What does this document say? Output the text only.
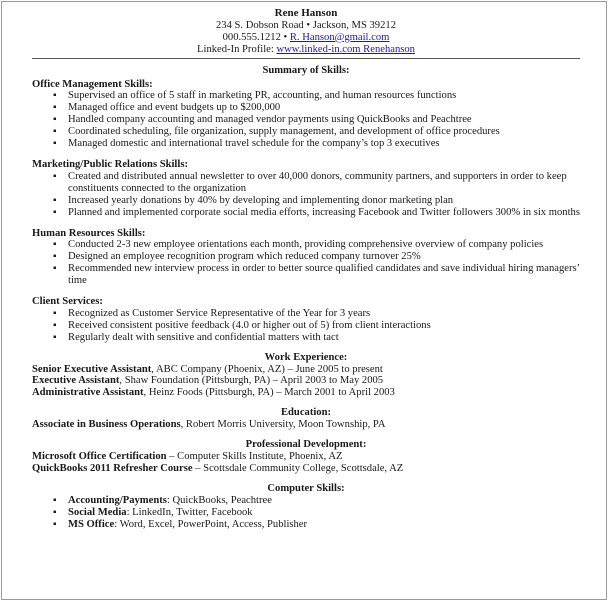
Rene Hanson
234 S. Dobson Road • Jackson, MS 39212
000.555.1212 • R. Hanson@gmail.com
Linked-In Profile: www.linked-in.com Renehanson
Summary of Skills:
Office Management Skills:
▪ Supervised an office of 5 staff in marketing PR, accounting, and human resources functions
▪ Managed office and event budgets up to $200,000
▪ Handled company accounting and managed vendor payments using QuickBooks and Peachtree
▪ Coordinated scheduling, file organization, supply management, and development of office procedures
▪ Managed domestic and international travel schedule for the company’s top 3 executives
Marketing/Public Relations Skills:
▪ Created and distributed annual newsletter to over 40,000 donors, community partners, and supporters in order to keep constituents connected to the organization
▪ Increased yearly donations by 40% by developing and implementing donor marketing plan
▪ Planned and implemented corporate social media efforts, increasing Facebook and Twitter followers 300% in six months
Human Resources Skills:
▪ Conducted 2-3 new employee orientations each month, providing comprehensive overview of company policies
▪ Designed an employee recognition program which reduced company turnover 25%
▪ Recommended new interview process in order to better source qualified candidates and save individual hiring managers’ time
Client Services:
▪ Recognized as Customer Service Representative of the Year for 3 years
▪ Received consistent positive feedback (4.0 or higher out of 5) from client interactions
▪ Regularly dealt with sensitive and confidential matters with tact
Work Experience:
Senior Executive Assistant, ABC Company (Phoenix, AZ) – June 2005 to present
Executive Assistant, Shaw Foundation (Pittsburgh, PA) – April 2003 to May 2005
Administrative Assistant, Heinz Foods (Pittsburgh, PA) – March 2001 to April 2003
Education:
Associate in Business Operations, Robert Morris University, Moon Township, PA
Professional Development:
Microsoft Office Certification – Computer Skills Institute, Phoenix, AZ
QuickBooks 2011 Refresher Course – Scottsdale Community College, Scottsdale, AZ
Computer Skills:
▪ Accounting/Payments: QuickBooks, Peachtree
▪ Social Media: LinkedIn, Twitter, Facebook
▪ MS Office: Word, Excel, PowerPoint, Access, Publisher
